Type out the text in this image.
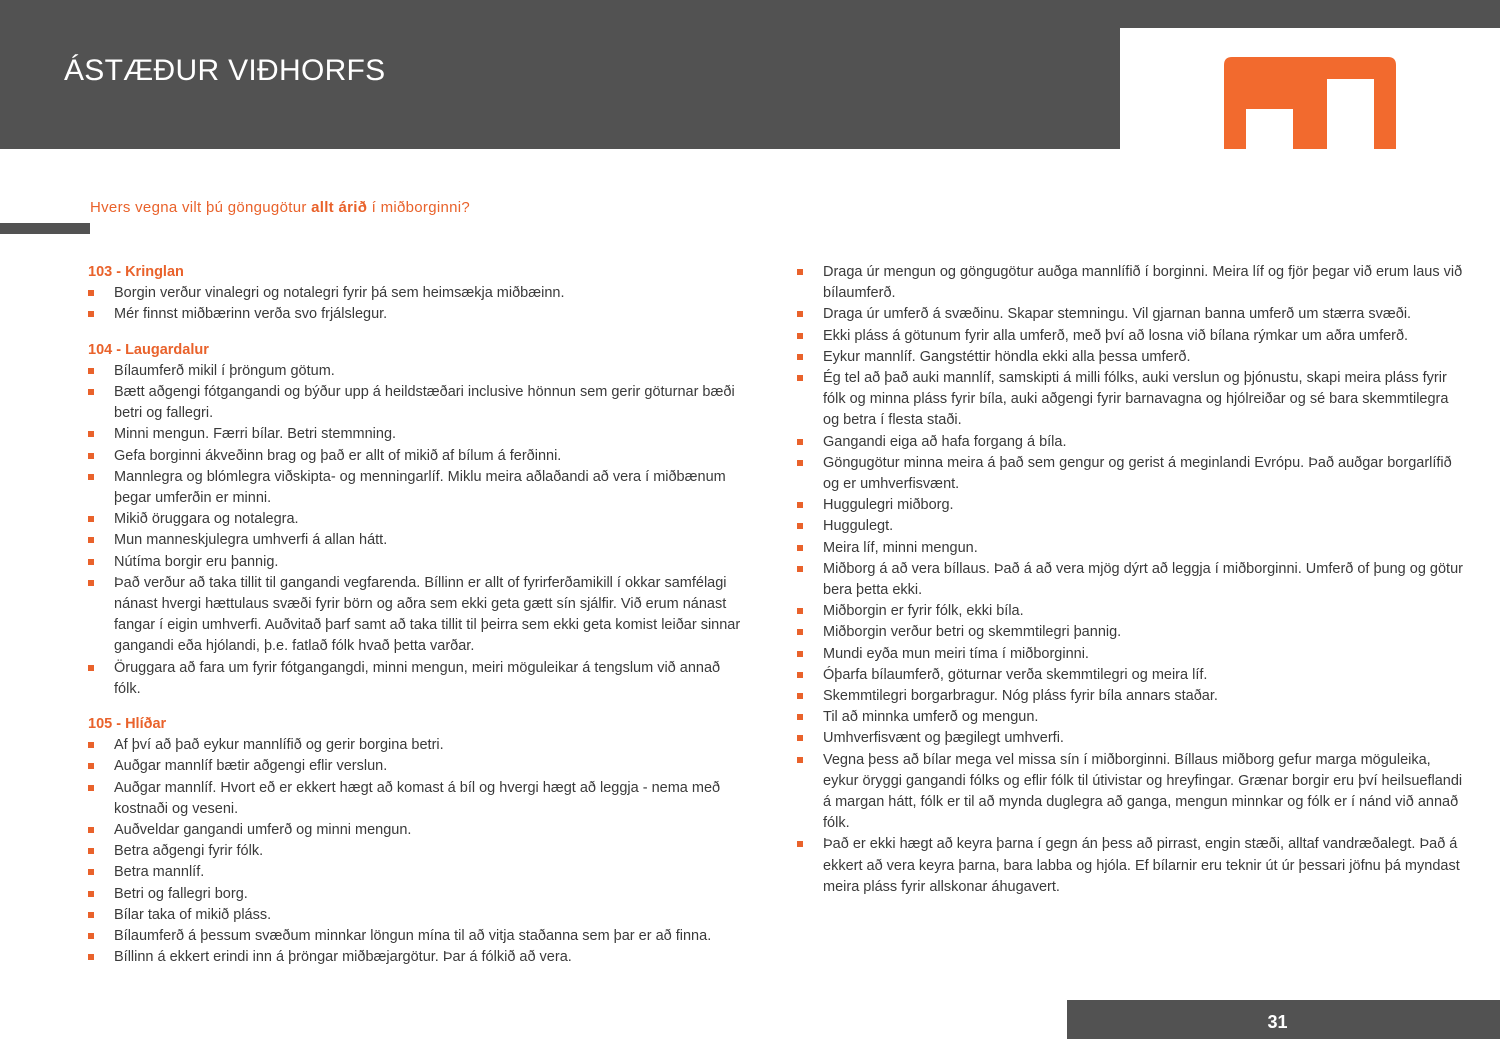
ÁSTÆÐUR VIÐHORFS
Hvers vegna vilt þú göngugötur allt árið í miðborginni?
103 - Kringlan
Borgin verður vinalegri og notalegri fyrir þá sem heimsækja miðbæinn.
Mér finnst miðbærinn verða svo frjálslegur.
104 - Laugardalur
Bílaumferð mikil í þröngum götum.
Bætt aðgengi fótgangandi og býður upp á heildstæðari inclusive hönnun sem gerir göturnar bæði betri og fallegri.
Minni mengun. Færri bílar. Betri stemmning.
Gefa borginni ákveðinn brag og það er allt of mikið af bílum á ferðinni.
Mannlegra og blómlegra viðskipta- og menningarlíf. Miklu meira aðlaðandi að vera í miðbænum þegar umferðin er minni.
Mikið öruggara og notalegra.
Mun manneskjulegra umhverfi á allan hátt.
Nútíma borgir eru þannig.
Það verður að taka tillit til gangandi vegfarenda. Bíllinn er allt of fyrirferðamikill í okkar samfélagi nánast hvergi hættulaus svæði fyrir börn og aðra sem ekki geta gætt sín sjálfir. Við erum nánast fangar í eigin umhverfi. Auðvitað þarf samt að taka tillit til þeirra sem ekki geta komist leiðar sinnar gangandi eða hjólandi, þ.e. fatlað fólk hvað þetta varðar.
Öruggara að fara um fyrir fótgangangdi, minni mengun, meiri möguleikar á tengslum við annað fólk.
105 - Hlíðar
Af því að það eykur mannlífið og gerir borgina betri.
Auðgar mannlíf bætir aðgengi eflir verslun.
Auðgar mannlíf. Hvort eð er ekkert hægt að komast á bíl og hvergi hægt að leggja - nema með kostnaði og veseni.
Auðveldar gangandi umferð og minni mengun.
Betra aðgengi fyrir fólk.
Betra mannlíf.
Betri og fallegri borg.
Bílar taka of mikið pláss.
Bílaumferð á þessum svæðum minnkar löngun mína til að vitja staðanna sem þar er að finna.
Bíllinn á ekkert erindi inn á þröngar miðbæjargötur. Þar á fólkið að vera.
Draga úr mengun og göngugötur auðga mannlífið í borginni. Meira líf og fjör þegar við erum laus við bílaumferð.
Draga úr umferð á svæðinu. Skapar stemningu. Vil gjarnan banna umferð um stærra svæði.
Ekki pláss á götunum fyrir alla umferð, með því að losna við bílana rýmkar um aðra umferð.
Eykur mannlíf. Gangstéttir höndla ekki alla þessa umferð.
Ég tel að það auki mannlíf, samskipti á milli fólks, auki verslun og þjónustu, skapi meira pláss fyrir fólk og minna pláss fyrir bíla, auki aðgengi fyrir barnavagna og hjólreiðar og sé bara skemmtilegra og betra í flesta staði.
Gangandi eiga að hafa forgang á bíla.
Göngugötur minna meira á það sem gengur og gerist á meginlandi Evrópu. Það auðgar borgarlífið og er umhverfisvænt.
Huggulegri miðborg.
Huggulegt.
Meira líf, minni mengun.
Miðborg á að vera bíllaus. Það á að vera mjög dýrt að leggja í miðborginni. Umferð of þung og götur bera þetta ekki.
Miðborgin er fyrir fólk, ekki bíla.
Miðborgin verður betri og skemmtilegri þannig.
Mundi eyða mun meiri tíma í miðborginni.
Óþarfa bílaumferð, göturnar verða skemmtilegri og meira líf.
Skemmtilegri borgarbragur. Nóg pláss fyrir bíla annars staðar.
Til að minnka umferð og mengun.
Umhverfisvænt og þægilegt umhverfi.
Vegna þess að bílar mega vel missa sín í miðborginni. Bíllaus miðborg gefur marga möguleika, eykur öryggi gangandi fólks og eflir fólk til útivistar og hreyfingar. Grænar borgir eru því heilsueflandi á margan hátt, fólk er til að mynda duglegra að ganga, mengun minnkar og fólk er í nánd við annað fólk.
Það er ekki hægt að keyra þarna í gegn án þess að pirrast, engin stæði, alltaf vandræðalegt. Það á ekkert að vera keyra þarna, bara labba og hjóla. Ef bílarnir eru teknir út úr þessari jöfnu þá myndast meira pláss fyrir allskonar áhugavert.
31
